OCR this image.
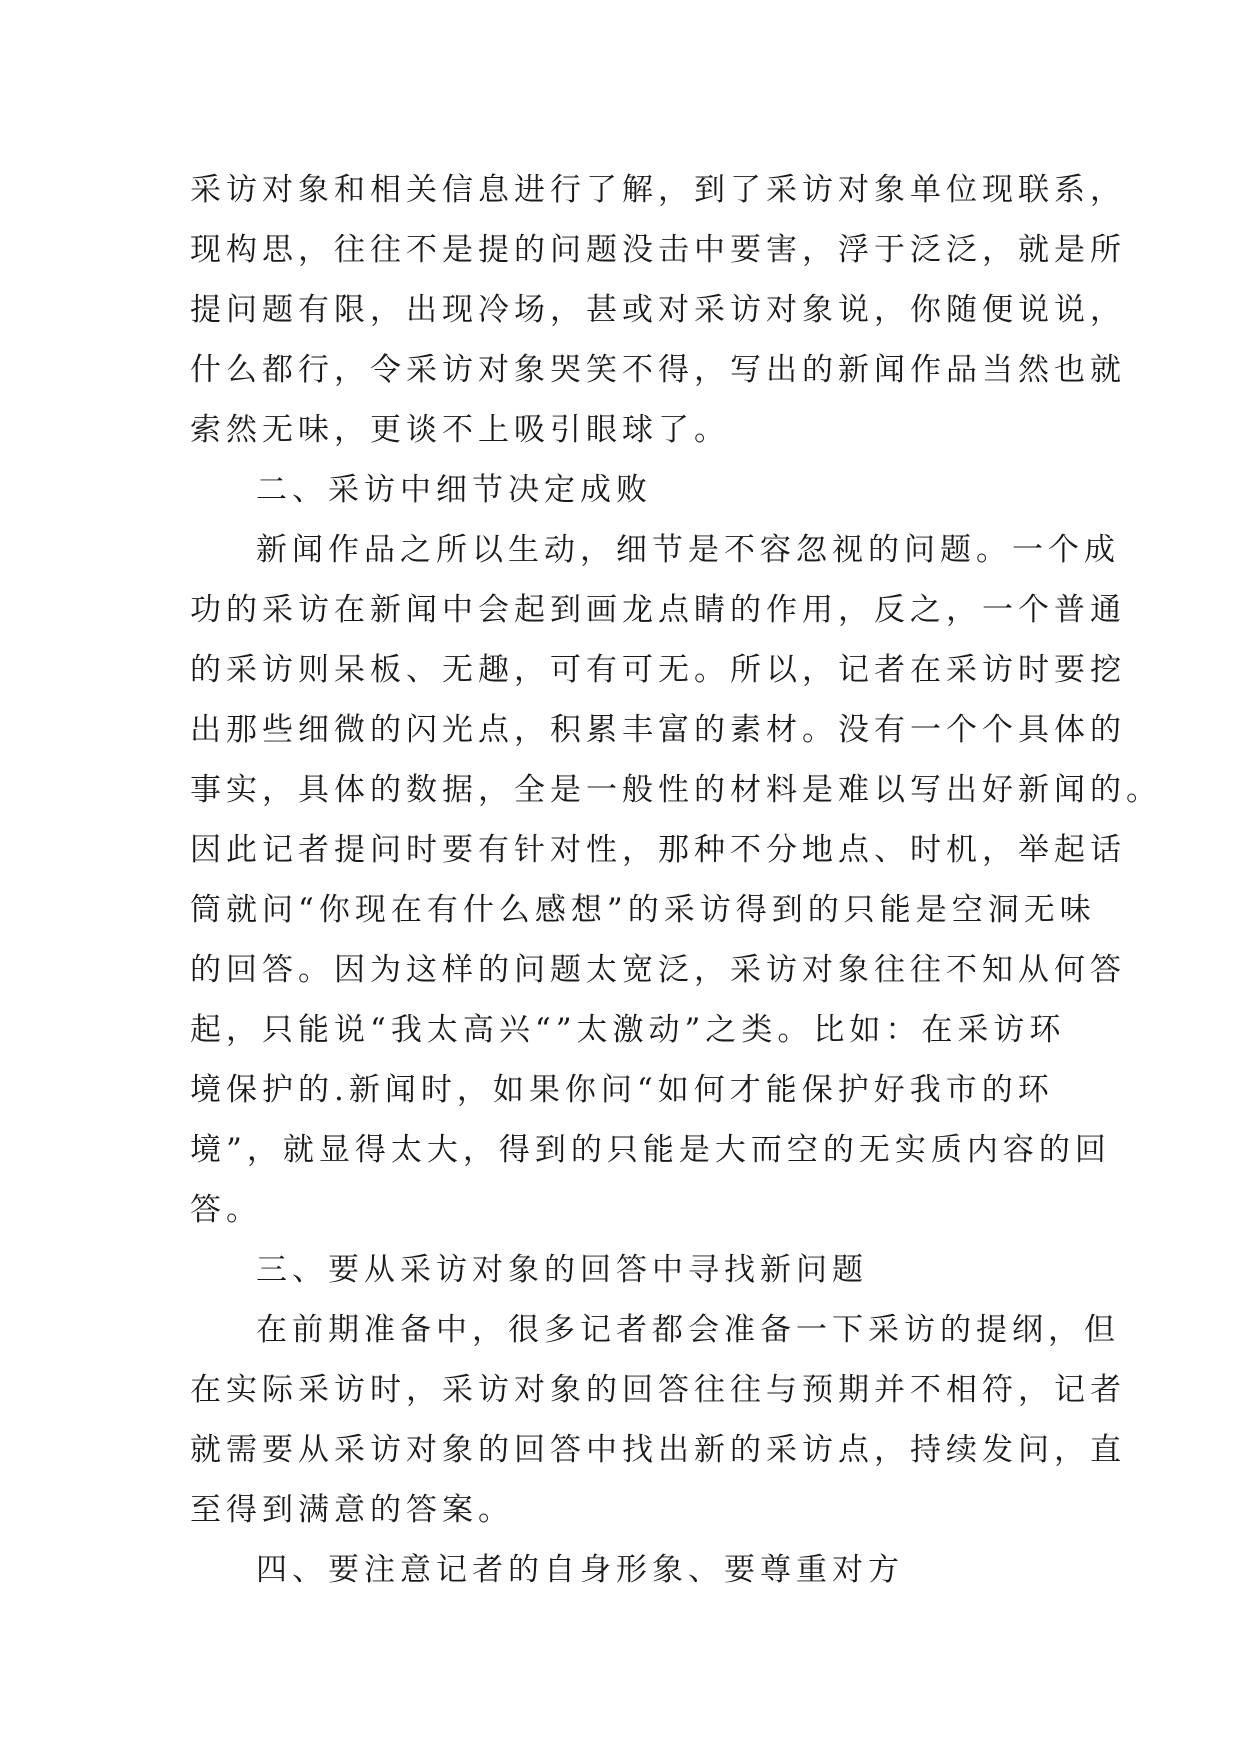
采访对象和相关信息进行了解，到了采访对象单位现联系，
现构思，往往不是提的问题没击中要害，浮于泛泛，就是所
提问题有限，出现冷场，甚或对采访对象说，你随便说说，
什么都行，令采访对象哭笑不得，写出的新闻作品当然也就
索然无味，更谈不上吸引眼球了。
二、采访中细节决定成败
新闻作品之所以生动，细节是不容忽视的问题。一个成
功的采访在新闻中会起到画龙点睛的作用，反之，一个普通
的采访则呆板、无趣，可有可无。所以，记者在采访时要挖
出那些细微的闪光点，积累丰富的素材。没有一个个具体的
事实，具体的数据，全是一般性的材料是难以写出好新闻的。
因此记者提问时要有针对性，那种不分地点、时机，举起话
筒就问“你现在有什么感想”的采访得到的只能是空洞无味
的回答。因为这样的问题太宽泛，采访对象往往不知从何答
起，只能说“我太高兴“”太激动”之类。比如：在采访环
境保护的.新闻时，如果你问“如何才能保护好我市的环
境”，就显得太大，得到的只能是大而空的无实质内容的回
答。
三、要从采访对象的回答中寻找新问题
在前期准备中，很多记者都会准备一下采访的提纲，但
在实际采访时，采访对象的回答往往与预期并不相符，记者
就需要从采访对象的回答中找出新的采访点，持续发问，直
至得到满意的答案。
四、要注意记者的自身形象、要尊重对方
